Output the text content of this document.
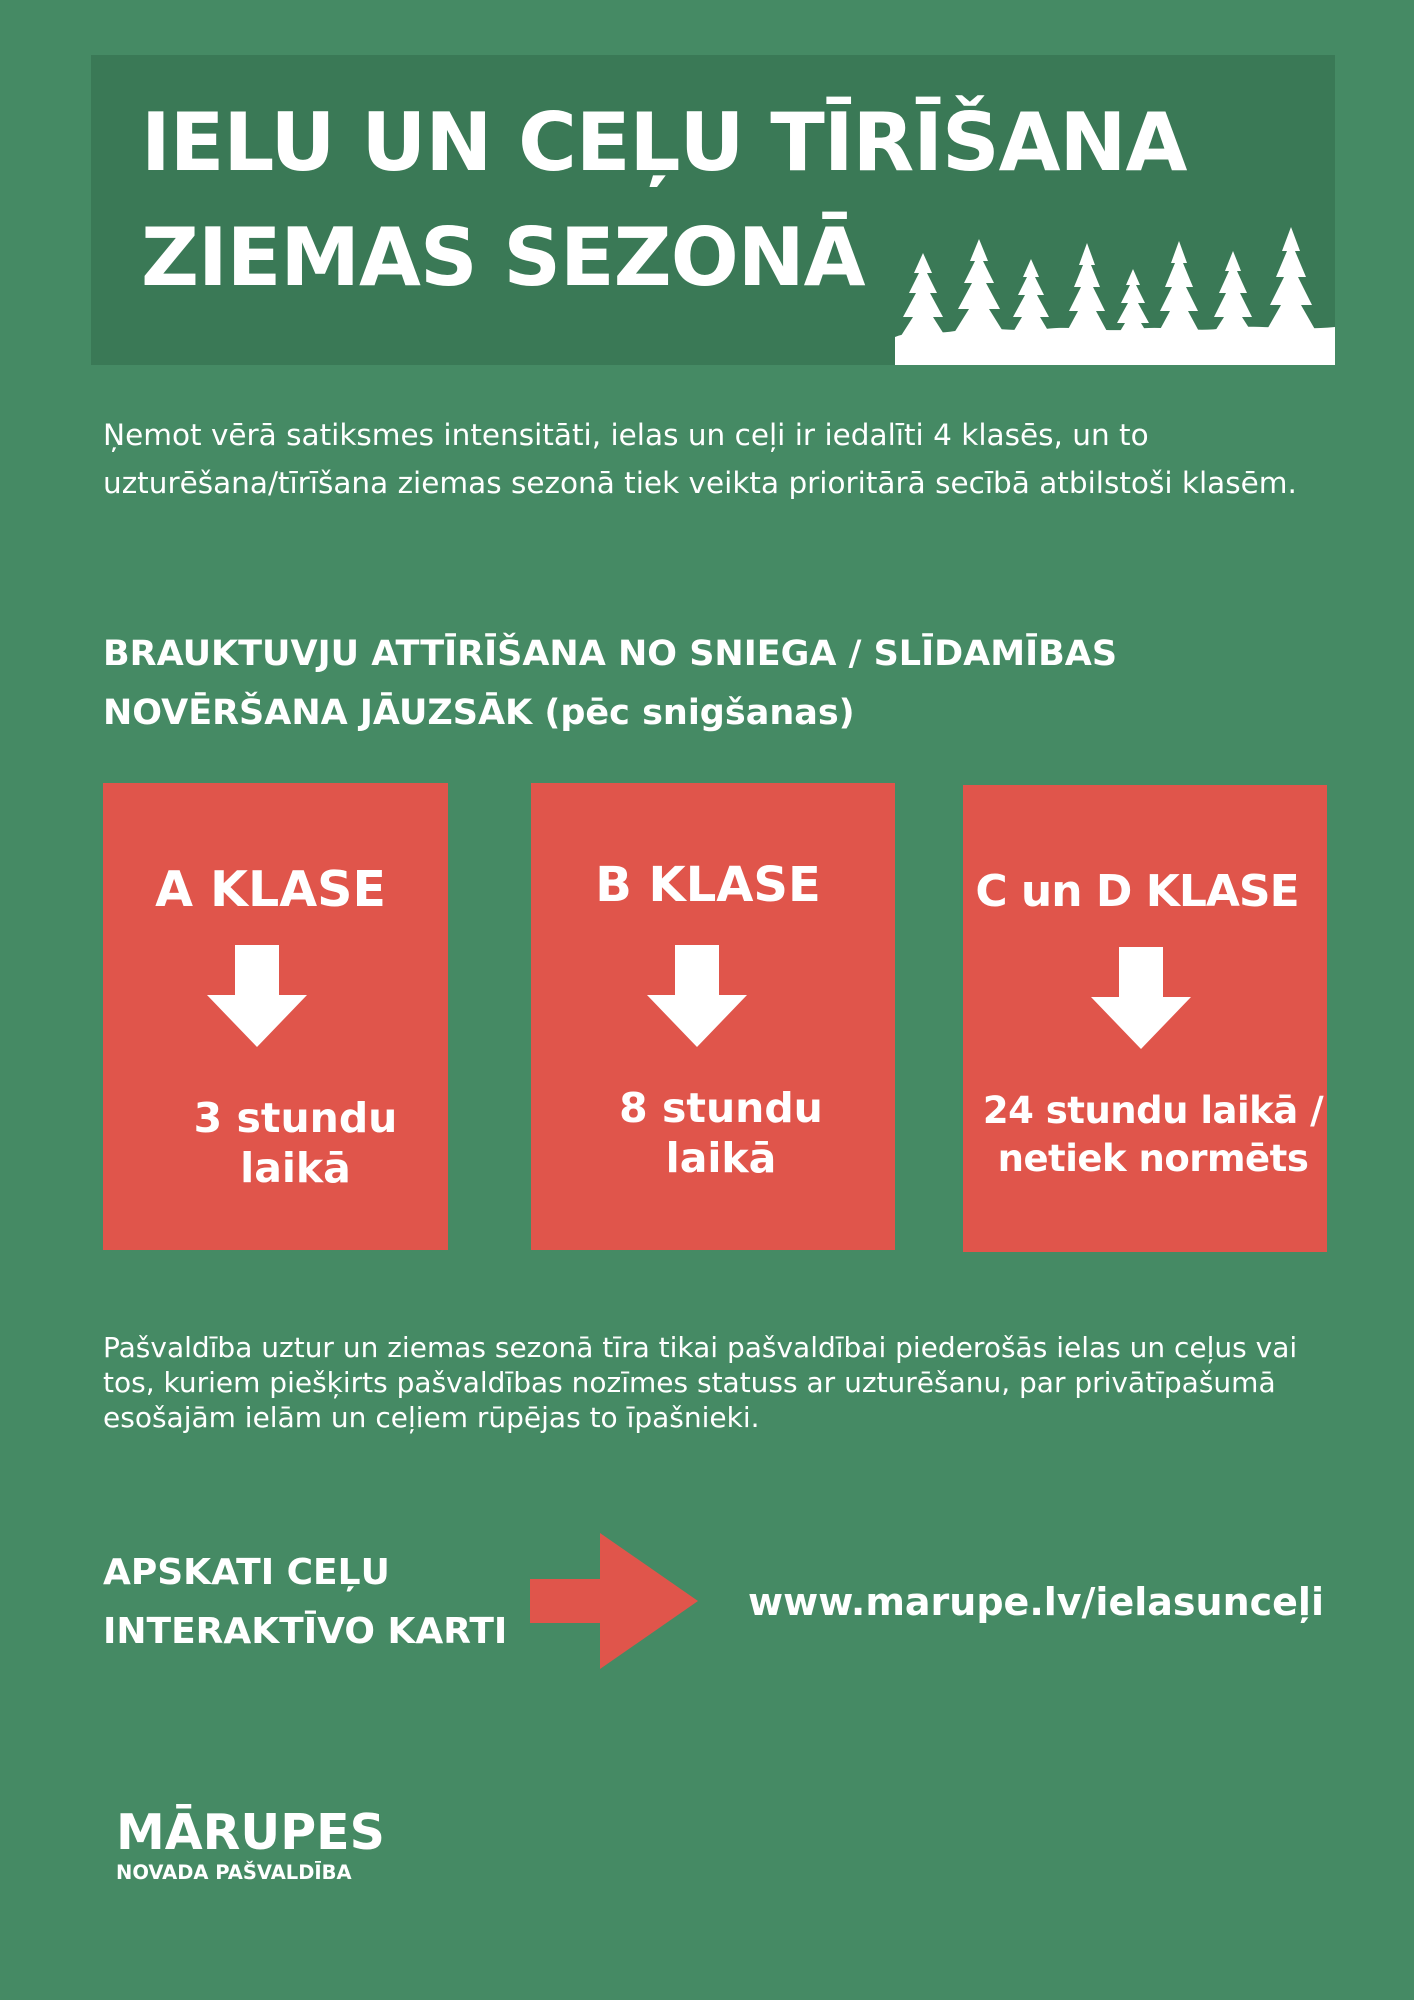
IELU UN CEĻU TĪRĪŠANA
ZIEMAS SEZONĀ

Ņemot vērā satiksmes intensitāti, ielas un ceļi ir iedalīti 4 klasēs, un to uzturēšana/tīrīšana ziemas sezonā tiek veikta prioritārā secībā atbilstoši klasēm.

BRAUKTUVJU ATTĪRĪŠANA NO SNIEGA / SLĪDAMĪBAS
NOVĒRŠANA JĀUZSĀK (pēc snigšanas)
A KLASE
3 stundu
laikā
B KLASE
8 stundu
laikā
C un D KLASE
24 stundu laikā /
netiek normēts

Pašvaldība uztur un ziemas sezonā tīra tikai pašvaldībai piederošās ielas un ceļus vai tos, kuriem piešķirts pašvaldības nozīmes statuss ar uzturēšanu, par privātīpašumā esošajām ielām un ceļiem rūpējas to īpašnieki.

APSKATI CEĻU
INTERAKTĪVO KARTI
www.marupe.lv/ielasunceļi
MĀRUPES
NOVADA PAŠVALDĪBA
